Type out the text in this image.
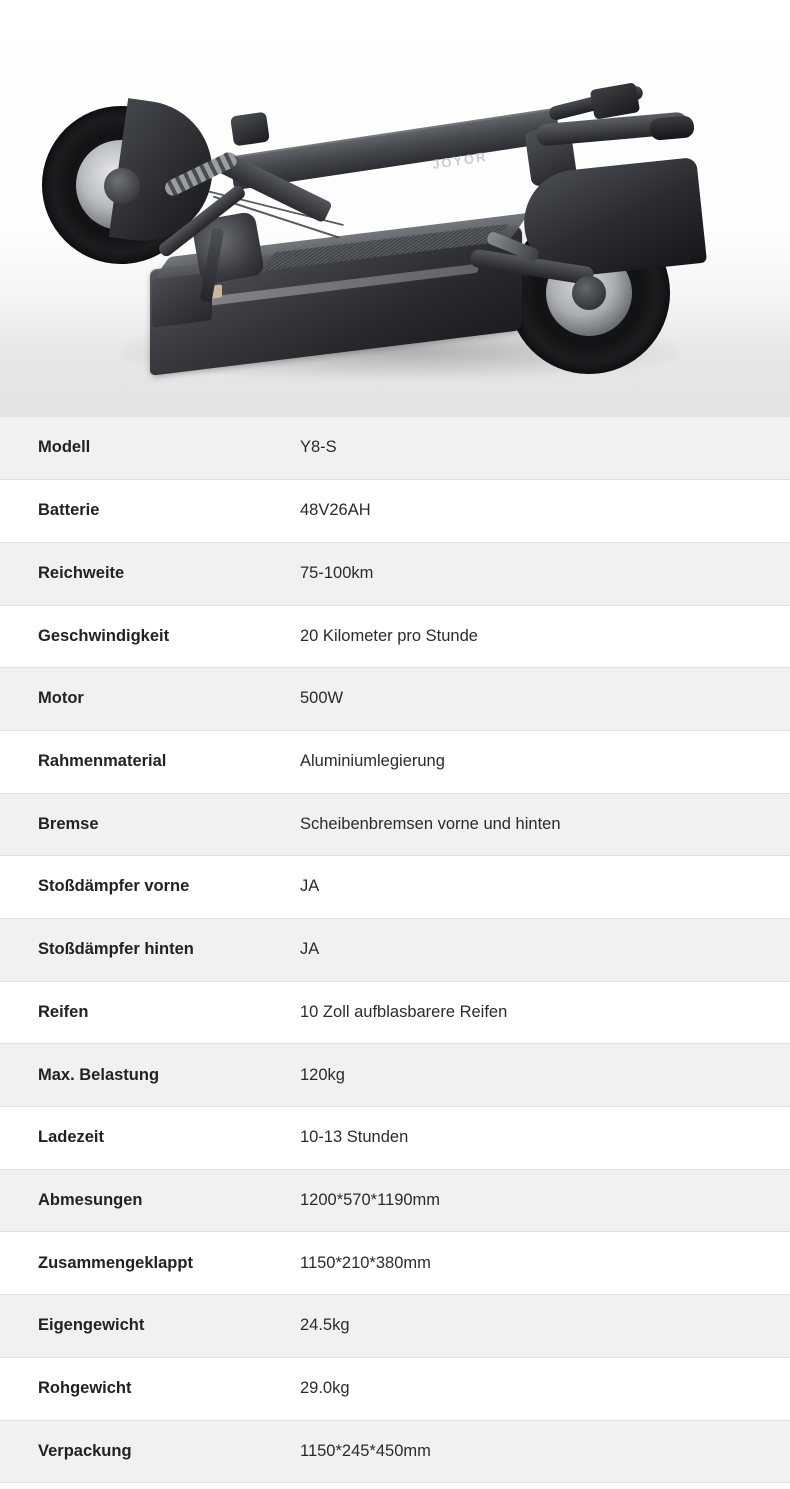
JOYOR
Modell	Y8-S
Batterie	48V26AH
Reichweite	75-100km
Geschwindigkeit	20 Kilometer pro Stunde
Motor	500W
Rahmenmaterial	Aluminiumlegierung
Bremse	Scheibenbremsen vorne und hinten
Stoßdämpfer vorne	JA
Stoßdämpfer hinten	JA
Reifen	10 Zoll aufblasbarere Reifen
Max. Belastung	120kg
Ladezeit	10-13 Stunden
Abmesungen	1200*570*1190mm
Zusammengeklappt	1150*210*380mm
Eigengewicht	24.5kg
Rohgewicht	29.0kg
Verpackung	1150*245*450mm
